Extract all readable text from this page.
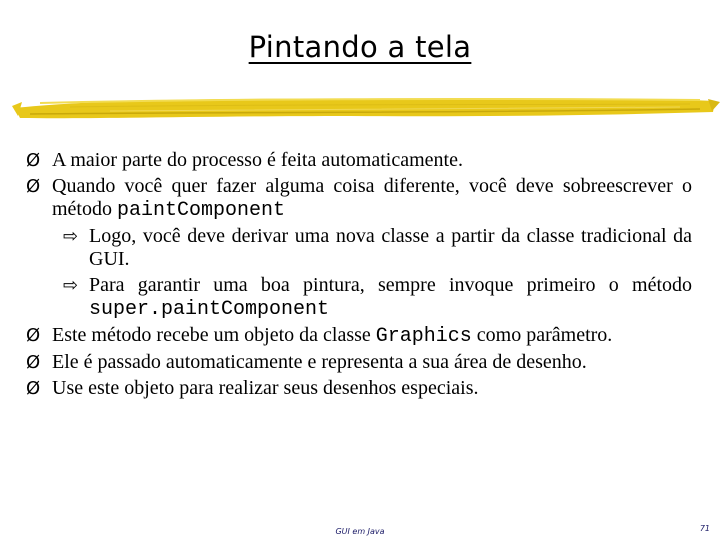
Pintando a tela
Ø A maior parte do processo é feita automaticamente.
Ø Quando você quer fazer alguma coisa diferente, você deve sobreescrever o método paintComponent
⇨ Logo, você deve derivar uma nova classe a partir da classe tradicional da GUI.
⇨ Para garantir uma boa pintura, sempre invoque primeiro o método super.paintComponent
Ø Este método recebe um objeto da classe Graphics como parâmetro.
Ø Ele é passado automaticamente e representa a sua área de desenho.
Ø Use este objeto para realizar seus desenhos especiais.
GUI em Java	71
